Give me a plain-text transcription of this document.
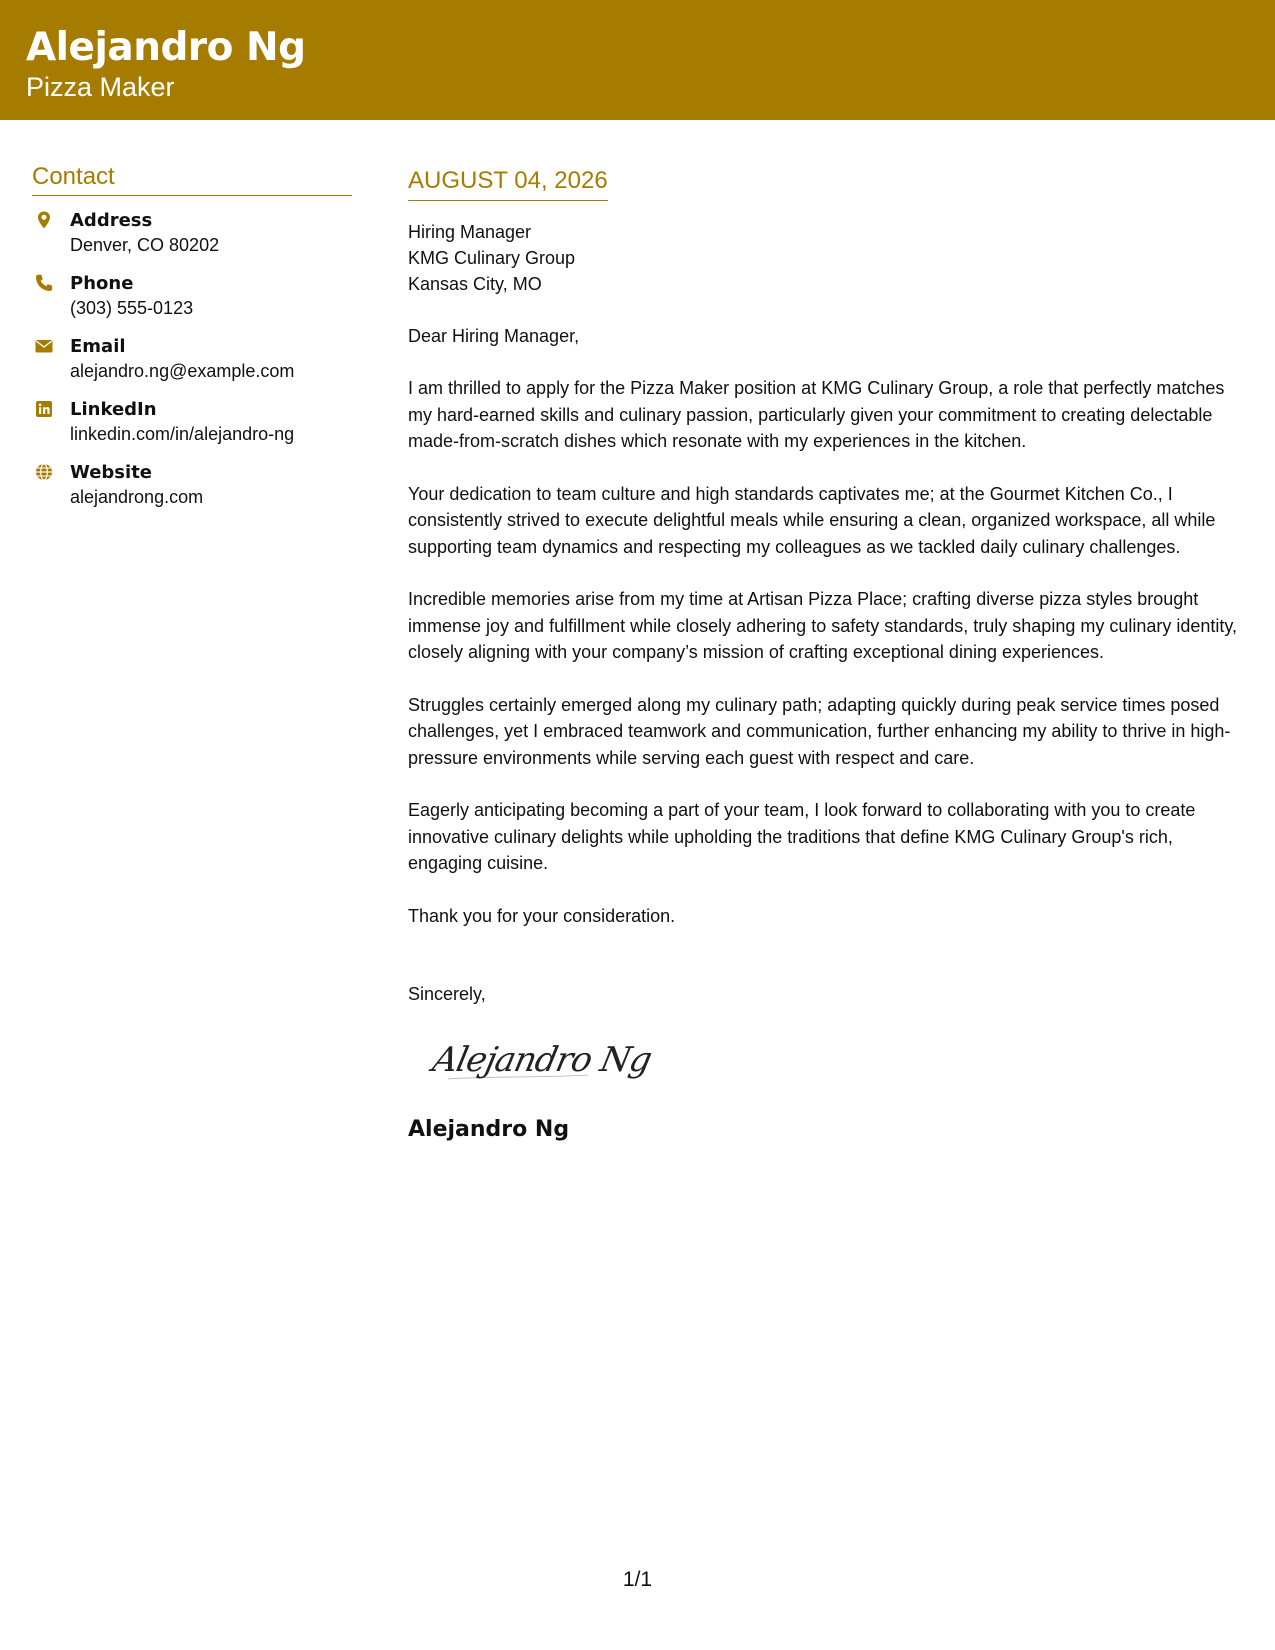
Alejandro Ng
Pizza Maker
Contact
Address
Denver, CO 80202
Phone
(303) 555-0123
Email
alejandro.ng@example.com
LinkedIn
linkedin.com/in/alejandro-ng
Website
alejandrong.com
AUGUST 04, 2026
Hiring Manager
KMG Culinary Group
Kansas City, MO
Dear Hiring Manager,
I am thrilled to apply for the Pizza Maker position at KMG Culinary Group, a role that perfectly matches my hard-earned skills and culinary passion, particularly given your commitment to creating delectable made-from-scratch dishes which resonate with my experiences in the kitchen.
Your dedication to team culture and high standards captivates me; at the Gourmet Kitchen Co., I consistently strived to execute delightful meals while ensuring a clean, organized workspace, all while supporting team dynamics and respecting my colleagues as we tackled daily culinary challenges.
Incredible memories arise from my time at Artisan Pizza Place; crafting diverse pizza styles brought immense joy and fulfillment while closely adhering to safety standards, truly shaping my culinary identity, closely aligning with your company’s mission of crafting exceptional dining experiences.
Struggles certainly emerged along my culinary path; adapting quickly during peak service times posed challenges, yet I embraced teamwork and communication, further enhancing my ability to thrive in high-pressure environments while serving each guest with respect and care.
Eagerly anticipating becoming a part of your team, I look forward to collaborating with you to create innovative culinary delights while upholding the traditions that define KMG Culinary Group's rich, engaging cuisine.
Thank you for your consideration.
Sincerely,
Alejandro Ng
Alejandro Ng
1/1
